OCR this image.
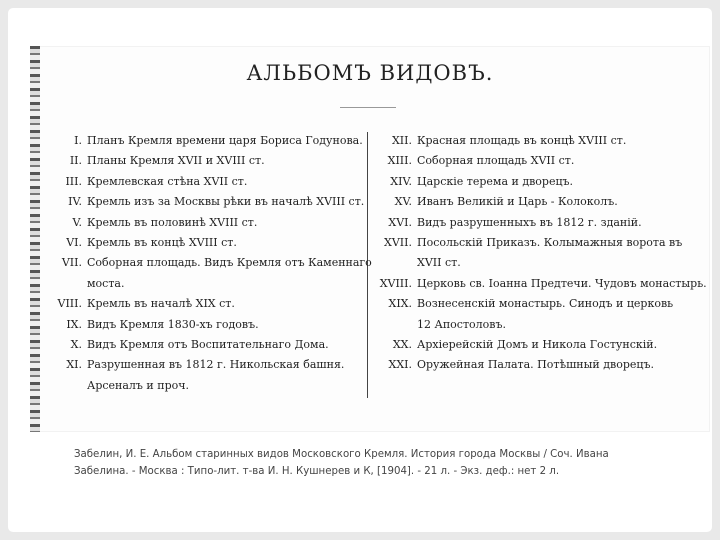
АЛЬБОМЪ ВИДОВЪ.
I. Планъ Кремля времени царя Бориса Годунова.
II. Планы Кремля XVII и XVIII ст.
III. Кремлевская стѣна XVII ст.
IV. Кремль изъ за Москвы рѣки въ началѣ XVIII ст.
V. Кремль въ половинѣ XVIII ст.
VI. Кремль въ концѣ XVIII ст.
VII. Соборная площадь. Видъ Кремля отъ Каменнаго
моста.
VIII. Кремль въ началѣ XIX ст.
IX. Видъ Кремля 1830-хъ годовъ.
X. Видъ Кремля отъ Воспитательнаго Дома.
XI. Разрушенная въ 1812 г. Никольская башня.
Арсеналъ и проч.
XII. Красная площадь въ концѣ XVIII ст.
XIII. Соборная площадь XVII ст.
XIV. Царскіе терема и дворецъ.
XV. Иванъ Великій и Царь - Колоколъ.
XVI. Видъ разрушенныхъ въ 1812 г. зданій.
XVII. Посольскій Приказъ. Колымажныя ворота въ
XVII ст.
XVIII. Церковь св. Іоанна Предтечи. Чудовъ монастырь.
XIX. Вознесенскій монастырь. Синодъ и церковь
12 Апостоловъ.
XX. Архіерейскій Домъ и Никола Гостунскій.
XXI. Оружейная Палата. Потѣшный дворецъ.
Забелин, И. Е. Альбом старинных видов Московского Кремля. История города Москвы / Соч. Ивана
Забелина. - Москва : Типо-лит. т-ва И. Н. Кушнерев и К, [1904]. - 21 л. - Экз. деф.: нет 2 л.
